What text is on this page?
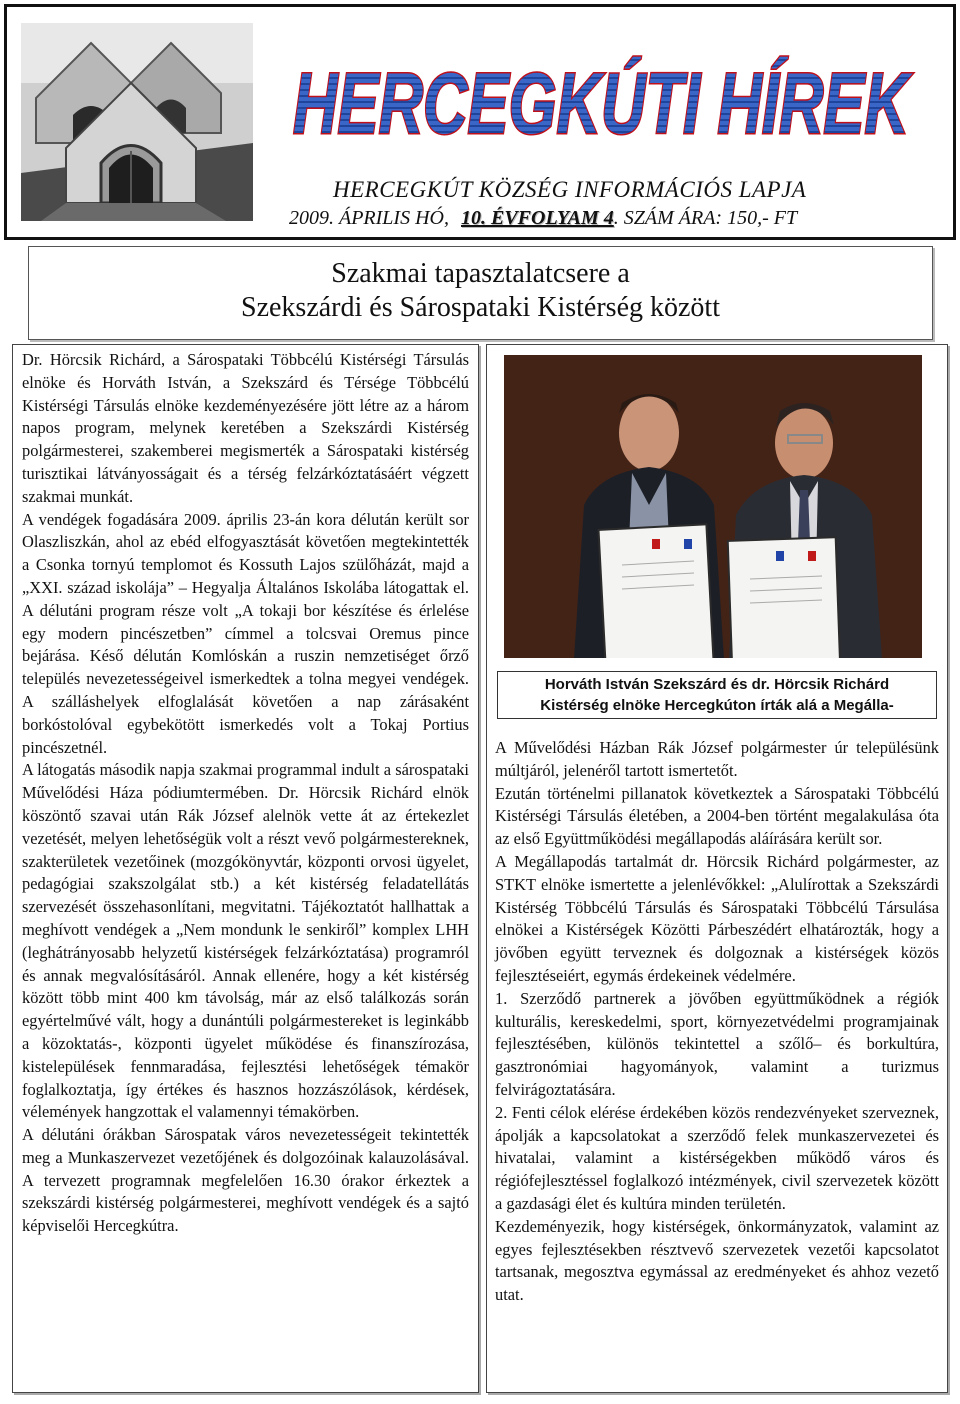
HERCEGKÚTI HÍREK
HERCEGKÚT KÖZSÉG INFORMÁCIÓS LAPJA
2009. ÁPRILIS HÓ, 10. ÉVFOLYAM 4. SZÁM ÁRA: 150,- FT
Szakmai tapasztalatcsere a
Szekszárdi és Sárospataki Kistérség között

Dr. Hörcsik Richárd, a Sárospataki Többcélú Kistérségi Társulás elnöke és Horváth István, a Szekszárd és Térsége Többcélú Kistérségi Társulás elnöke kezdeményezésére jött létre az a három napos program, melynek keretében a Szekszárdi Kistérség polgármesterei, szakemberei megismerték a Sárospataki kistérség turisztikai látványosságait és a térség felzárkóztatásáért végzett szakmai munkát.

A vendégek fogadására 2009. április 23-án kora délután került sor Olaszliszkán, ahol az ebéd elfogyasztását követően megtekintették a Csonka tornyú templomot és Kossuth Lajos szülőházát, majd a „XXI. század iskolája” – Hegyalja Általános Iskolába látogattak el. A délutáni program része volt „A tokaji bor készítése és érlelése egy modern pincészetben” címmel a tolcsvai Oremus pince bejárása. Késő délután Komlóskán a ruszin nemzetiséget őrző település nevezetességeivel ismerkedtek a tolna megyei vendégek. A szálláshelyek elfoglalását követően a nap zárásaként borkóstolóval egybekötött ismerkedés volt a Tokaj Portius pincészetnél.

A látogatás második napja szakmai programmal indult a sárospataki Művelődési Háza pódiumtermében. Dr. Hörcsik Richárd elnök köszöntő szavai után Rák József alelnök vette át az értekezlet vezetését, melyen lehetőségük volt a részt vevő polgármestereknek, szakterületek vezetőinek (mozgókönyvtár, központi orvosi ügyelet, pedagógiai szakszolgálat stb.) a két kistérség feladatellátás szervezését összehasonlítani, megvitatni. Tájékoztatót hallhattak a meghívott vendégek a „Nem mondunk le senkiről” komplex LHH (leghátrányosabb helyzetű kistérségek felzárkóztatása) programról és annak megvalósításáról. Annak ellenére, hogy a két kistérség között több mint 400 km távolság, már az első találkozás során egyértelművé vált, hogy a dunántúli polgármestereket is leginkább a közoktatás-, központi ügyelet működése és finanszírozása, kistelepülések fennmaradása, fejlesztési lehetőségek témakör foglalkoztatja, így értékes és hasznos hozzászólások, kérdések, vélemények hangzottak el valamennyi témakörben.

A délutáni órákban Sárospatak város nevezetességeit tekintették meg a Munkaszervezet vezetőjének és dolgozóinak kalauzolásával. A tervezett programnak megfelelően 16.30 órakor érkeztek a szekszárdi kistérség polgármesterei, meghívott vendégek és a sajtó képviselői Hercegkútra.

Horváth István Szekszárd és dr. Hörcsik Richárd
Kistérség elnöke Hercegkúton írták alá a Megálla-

A Művelődési Házban Rák József polgármester úr településünk múltjáról, jelenéről tartott ismertetőt.

Ezután történelmi pillanatok következtek a Sárospataki Többcélú Kistérségi Társulás életében, a 2004-ben történt megalakulása óta az első Együttműködési megállapodás aláírására került sor.

A Megállapodás tartalmát dr. Hörcsik Richárd polgármester, az STKT elnöke ismertette a jelenlévőkkel: „Alulírottak a Szekszárdi Kistérség Többcélú Társulás és Sárospataki Többcélú Társulása elnökei a Kistérségek Közötti Párbeszédért elhatározták, hogy a jövőben együtt terveznek és dolgoznak a kistérségek közös fejlesztéseiért, egymás érdekeinek védelmére.

1. Szerződő partnerek a jövőben együttműködnek a régiók kulturális, kereskedelmi, sport, környezetvédelmi programjainak fejlesztésében, különös tekintettel a szőlő– és borkultúra, gasztronómiai hagyományok, valamint a turizmus felvirágoztatására.

2. Fenti célok elérése érdekében közös rendezvényeket szerveznek, ápolják a kapcsolatokat a szerződő felek munkaszervezetei és hivatalai, valamint a kistérségekben működő város és régiófejlesztéssel foglalkozó intézmények, civil szervezetek között a gazdasági élet és kultúra minden területén.

Kezdeményezik, hogy kistérségek, önkormányzatok, valamint az egyes fejlesztésekben résztvevő szervezetek vezetői kapcsolatot tartsanak, megosztva egymással az eredményeket és ahhoz vezető utat.
